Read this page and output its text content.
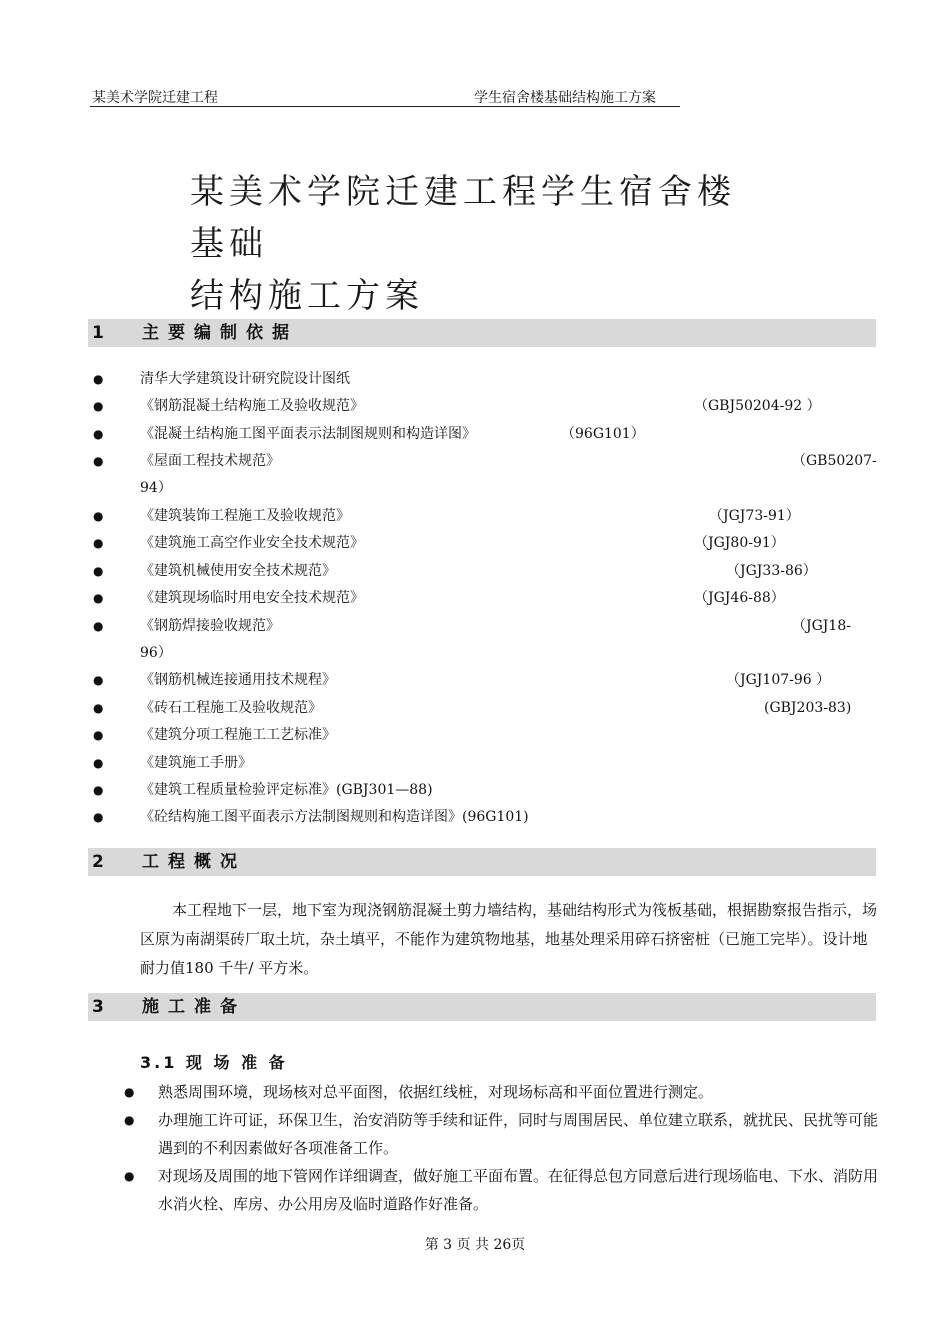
某美术学院迁建工程	学生宿舍楼基础结构施工方案
某美术学院迁建工程学生宿舍楼基础
结构施工方案
1 主要编制依据
●	清华大学建筑设计研究院设计图纸
●	《钢筋混凝土结构施工及验收规范》	（GBJ50204-92 ）
●	《混凝土结构施工图平面表示法制图规则和构造详图》	（96G101）
●	《屋面工程技术规范》	（GB50207-
94）
●	《建筑装饰工程施工及验收规范》	（JGJ73-91）
●	《建筑施工高空作业安全技术规范》	（JGJ80-91）
●	《建筑机械使用安全技术规范》	（JGJ33-86）
●	《建筑现场临时用电安全技术规范》	（JGJ46-88）
●	《钢筋焊接验收规范》	（JGJ18-
96）
●	《钢筋机械连接通用技术规程》	（JGJ107-96 ）
●	《砖石工程施工及验收规范》	(GBJ203-83)
●	《建筑分项工程施工工艺标准》
●	《建筑施工手册》
●	《建筑工程质量检验评定标准》(GBJ301—88)
●	《砼结构施工图平面表示方法制图规则和构造详图》(96G101)
2 工程概况

本工程地下一层，地下室为现浇钢筋混凝土剪力墙结构，基础结构形式为筏板基础，根据勘察报告指示，场区原为南湖渠砖厂取土坑，杂土填平，不能作为建筑物地基，地基处理采用碎石挤密桩（已施工完毕）。设计地耐力值180 千牛/ 平方米。

3 施工准备
3.1 现 场 准 备
● 熟悉周围环境，现场核对总平面图，依据红线桩，对现场标高和平面位置进行测定。
● 办理施工许可证，环保卫生，治安消防等手续和证件，同时与周围居民、单位建立联系，就扰民、民扰等可能遇到的不利因素做好各项准备工作。
● 对现场及周围的地下管网作详细调查，做好施工平面布置。在征得总包方同意后进行现场临电、下水、消防用水消火栓、库房、办公用房及临时道路作好准备。
第 3 页 共 26页
